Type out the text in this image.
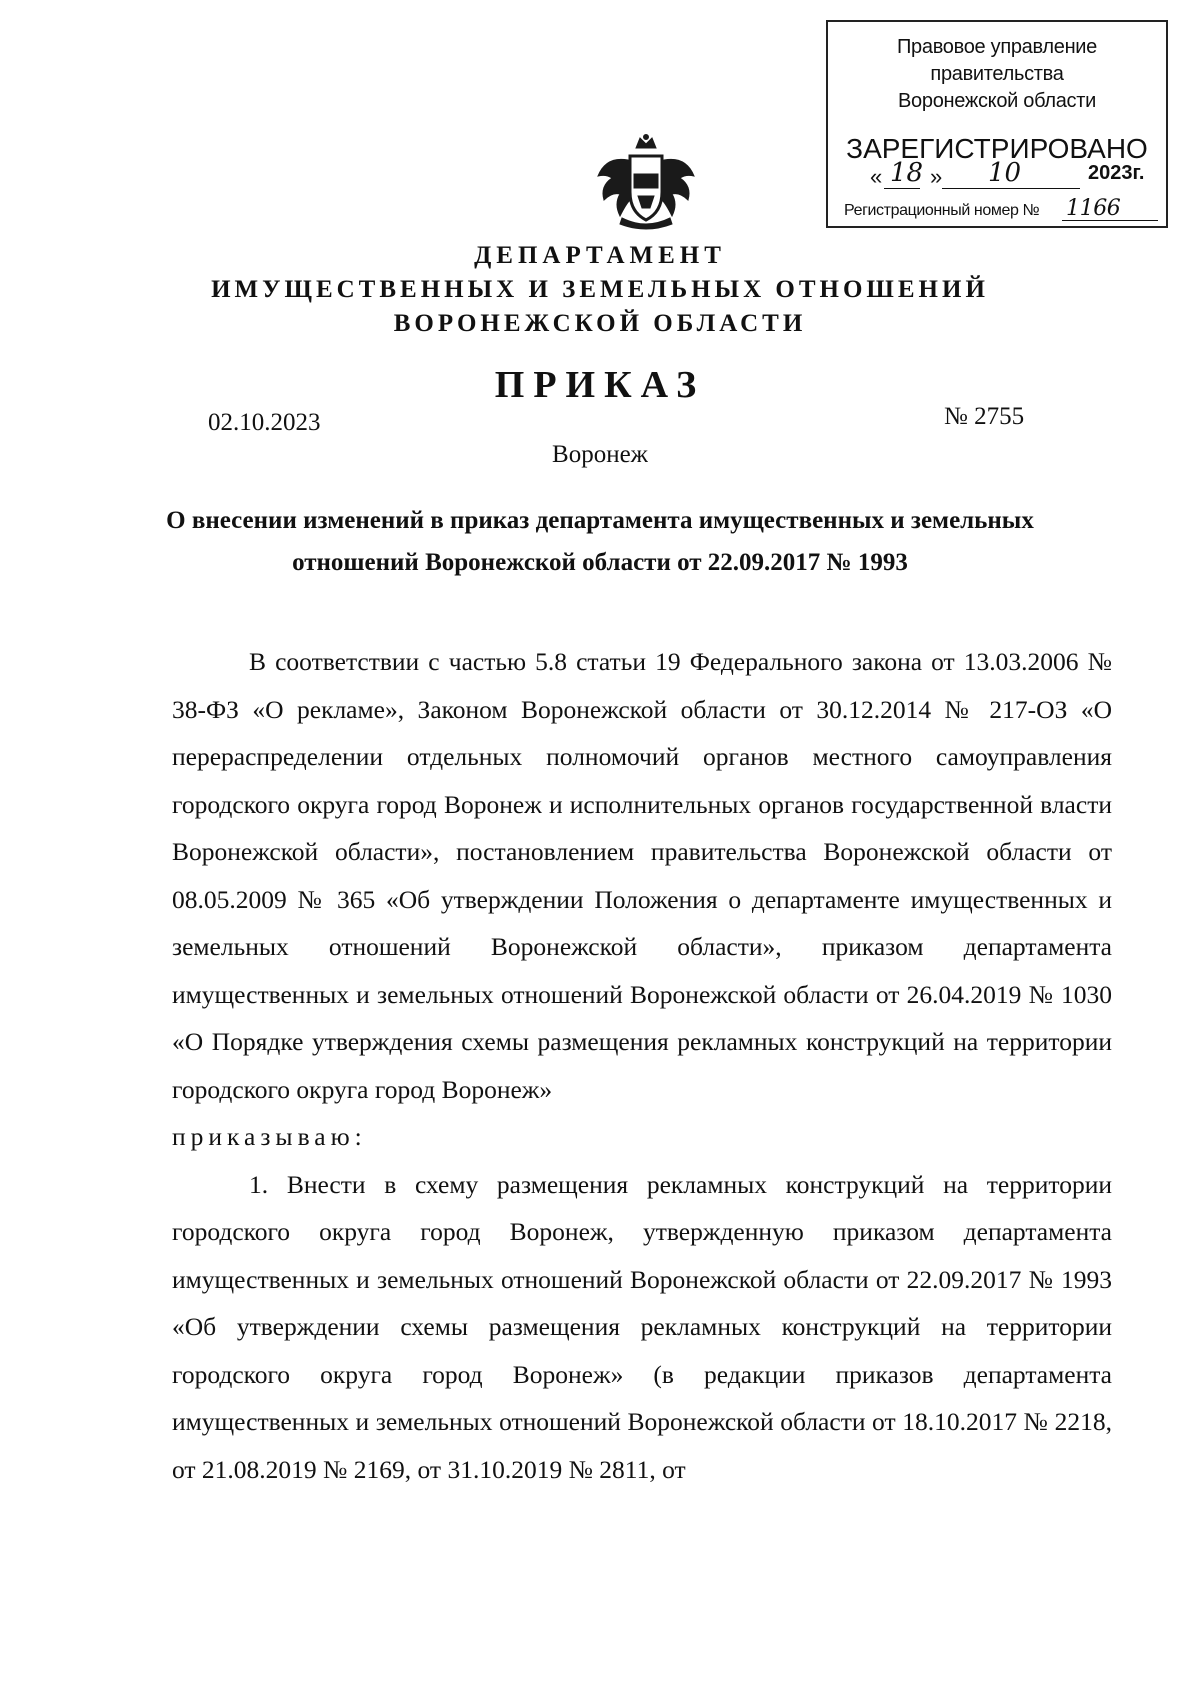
Правовое управление правительства
Воронежской области
ЗАРЕГИСТРИРОВАНО
« 18 » 10	2023г.
Регистрационный номер № 1166
ДЕПАРТАМЕНТ
ИМУЩЕСТВЕННЫХ И ЗЕМЕЛЬНЫХ ОТНОШЕНИЙ
ВОРОНЕЖСКОЙ ОБЛАСТИ
ПРИКАЗ
02.10.2023	№ 2755
Воронеж
О внесении изменений в приказ департамента имущественных и земельных отношений Воронежской области от 22.09.2017 № 1993

В соответствии с частью 5.8 статьи 19 Федерального закона от 13.03.2006 № 38-ФЗ «О рекламе», Законом Воронежской области от 30.12.2014 № 217-ОЗ «О перераспределении отдельных полномочий органов местного самоуправления городского округа город Воронеж и исполнительных органов государственной власти Воронежской области», постановлением правительства Воронежской области от 08.05.2009 № 365 «Об утверждении Положения о департаменте имущественных и земельных отношений Воронежской области», приказом департамента имущественных и земельных отношений Воронежской области от 26.04.2019 № 1030 «О Порядке утверждения схемы размещения рекламных конструкций на территории городского округа город Воронеж»

приказываю:

1. Внести в схему размещения рекламных конструкций на территории городского округа город Воронеж, утвержденную приказом департамента имущественных и земельных отношений Воронежской области от 22.09.2017 № 1993 «Об утверждении схемы размещения рекламных конструкций на территории городского округа город Воронеж» (в редакции приказов департамента имущественных и земельных отношений Воронежской области от 18.10.2017 № 2218, от 21.08.2019 № 2169, от 31.10.2019 № 2811, от
